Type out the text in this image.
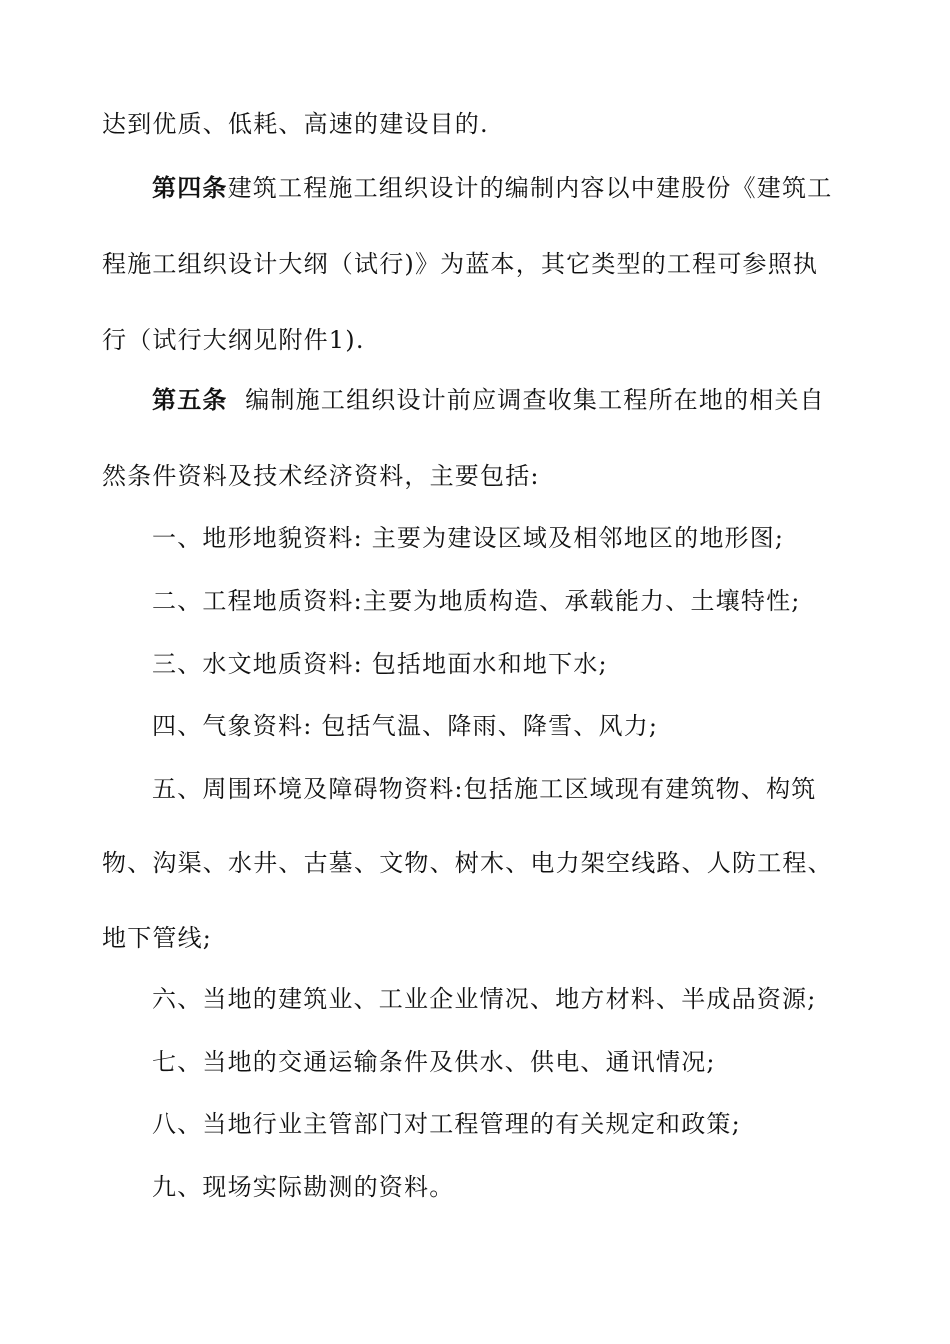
达到优质、低耗、高速的建设目的.
第四条建筑工程施工组织设计的编制内容以中建股份《建筑工
程施工组织设计大纲（试行)》为蓝本，其它类型的工程可参照执
行（试行大纲见附件1).
第五条  编制施工组织设计前应调查收集工程所在地的相关自
然条件资料及技术经济资料，主要包括:
一、地形地貌资料: 主要为建设区域及相邻地区的地形图;
二、工程地质资料:主要为地质构造、承载能力、土壤特性;
三、水文地质资料: 包括地面水和地下水;
四、气象资料: 包括气温、降雨、降雪、风力;
五、周围环境及障碍物资料:包括施工区域现有建筑物、构筑
物、沟渠、水井、古墓、文物、树木、电力架空线路、人防工程、
地下管线;
六、当地的建筑业、工业企业情况、地方材料、半成品资源;
七、当地的交通运输条件及供水、供电、通讯情况;
八、当地行业主管部门对工程管理的有关规定和政策;
九、现场实际勘测的资料。
